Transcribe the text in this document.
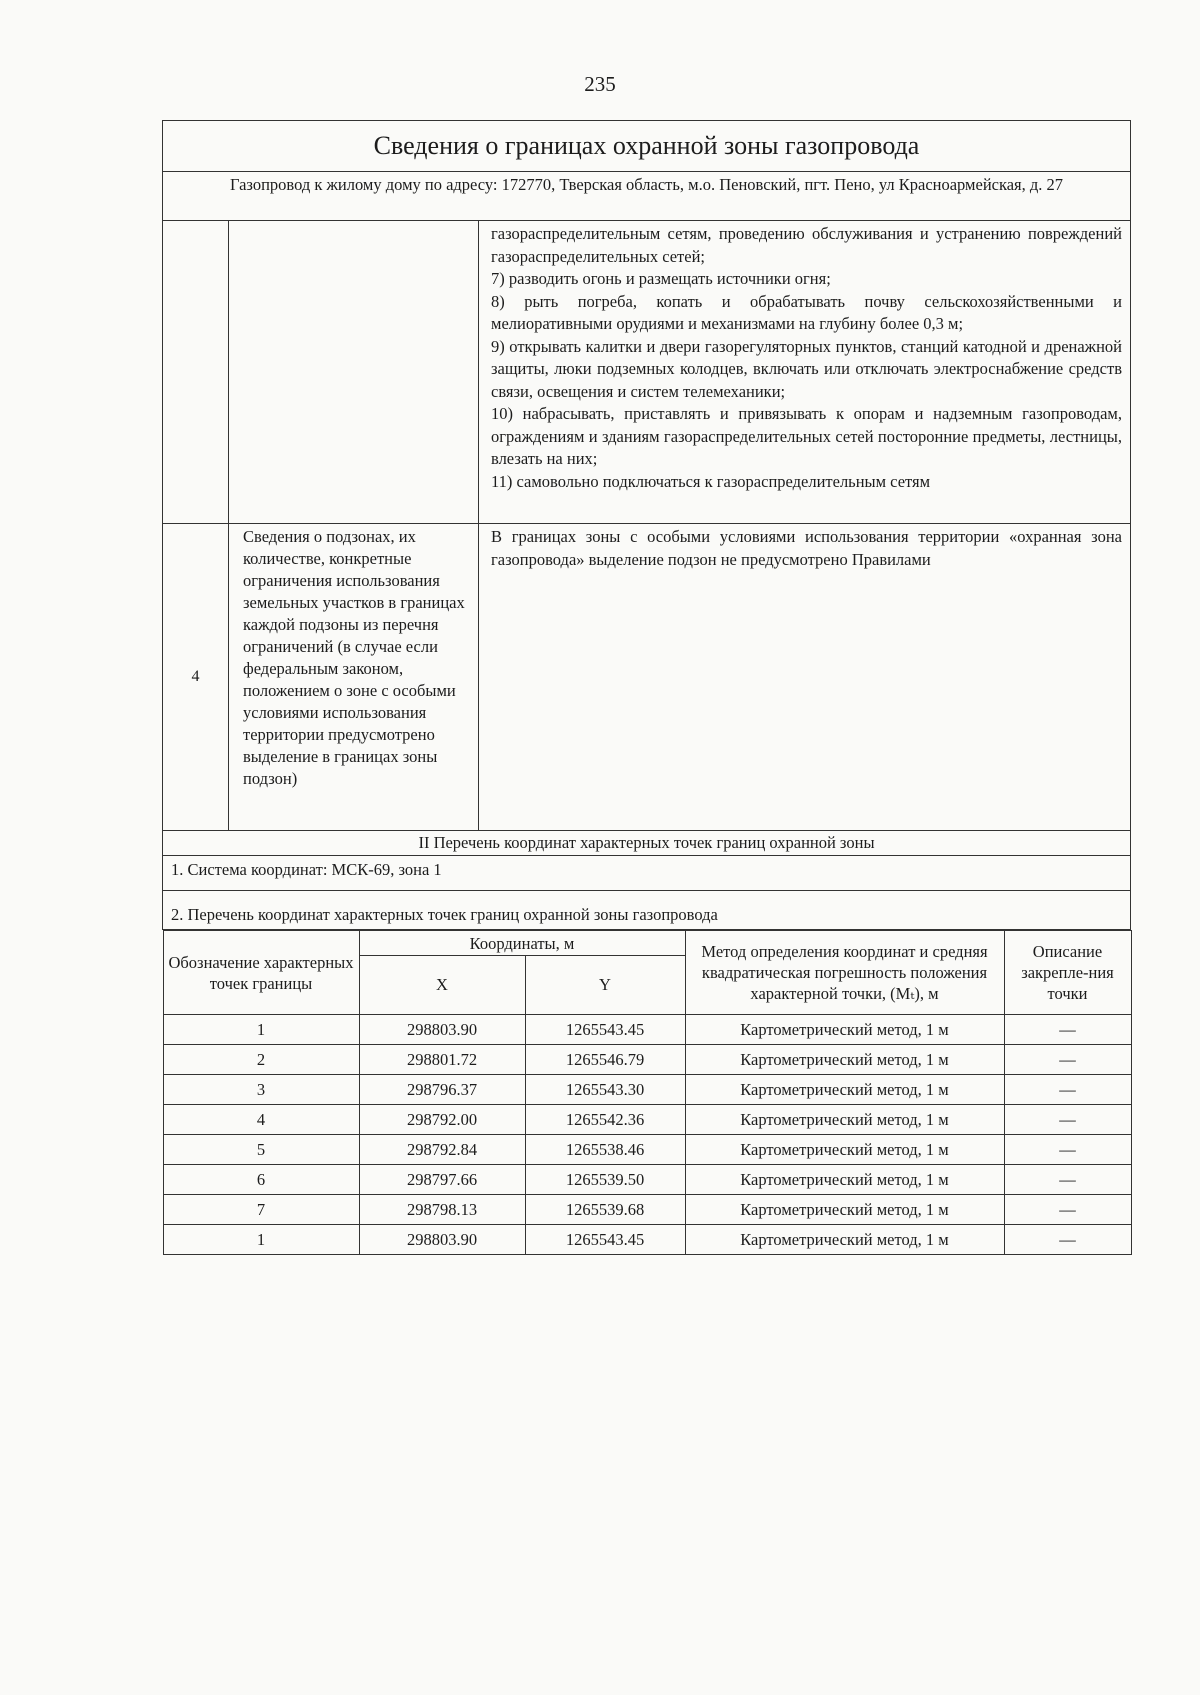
235
Сведения о границах охранной зоны газопровода
Газопровод к жилому дому по адресу: 172770, Тверская область, м.о. Пеновский, пгт. Пено, ул Красноармейская, д. 27

газораспределительным сетям, проведению обслуживания и устранению повреждений газораспределительных сетей;

7) разводить огонь и размещать источники огня;

8) рыть погреба, копать и обрабатывать почву сельскохозяйственными и мелиоративными орудиями и механизмами на глубину более 0,3 м;

9) открывать калитки и двери газорегуляторных пунктов, станций катодной и дренажной защиты, люки подземных колодцев, включать или отключать электроснабжение средств связи, освещения и систем телемеханики;

10) набрасывать, приставлять и привязывать к опорам и надземным газопроводам, ограждениям и зданиям газораспределительных сетей посторонние предметы, лестницы, влезать на них;

11) самовольно подключаться к газораспределительным сетям

4	Сведения о подзонах, их количестве, конкретные ограничения использования земельных участков в границах каждой подзоны из перечня ограничений (в случае если федеральным законом, положением о зоне с особыми условиями использования территории предусмотрено выделение в границах зоны подзон)	В границах зоны с особыми условиями использования территории «охранная зона газопровода» выделение подзон не предусмотрено Правилами
II Перечень координат характерных точек границ охранной зоны
1. Система координат: МСК-69, зона 1
2. Перечень координат характерных точек границ охранной зоны газопровода

Обозначение характерных точек границы	Координаты, м	Метод определения координат и средняя квадратическая погрешность положения характерной точки, (Mₜ), м	Описание закрепле-ния точки
X	Y
1	298803.90	1265543.45	Картометрический метод, 1 м	—
2	298801.72	1265546.79	Картометрический метод, 1 м	—
3	298796.37	1265543.30	Картометрический метод, 1 м	—
4	298792.00	1265542.36	Картометрический метод, 1 м	—
5	298792.84	1265538.46	Картометрический метод, 1 м	—
6	298797.66	1265539.50	Картометрический метод, 1 м	—
7	298798.13	1265539.68	Картометрический метод, 1 м	—
1	298803.90	1265543.45	Картометрический метод, 1 м	—
